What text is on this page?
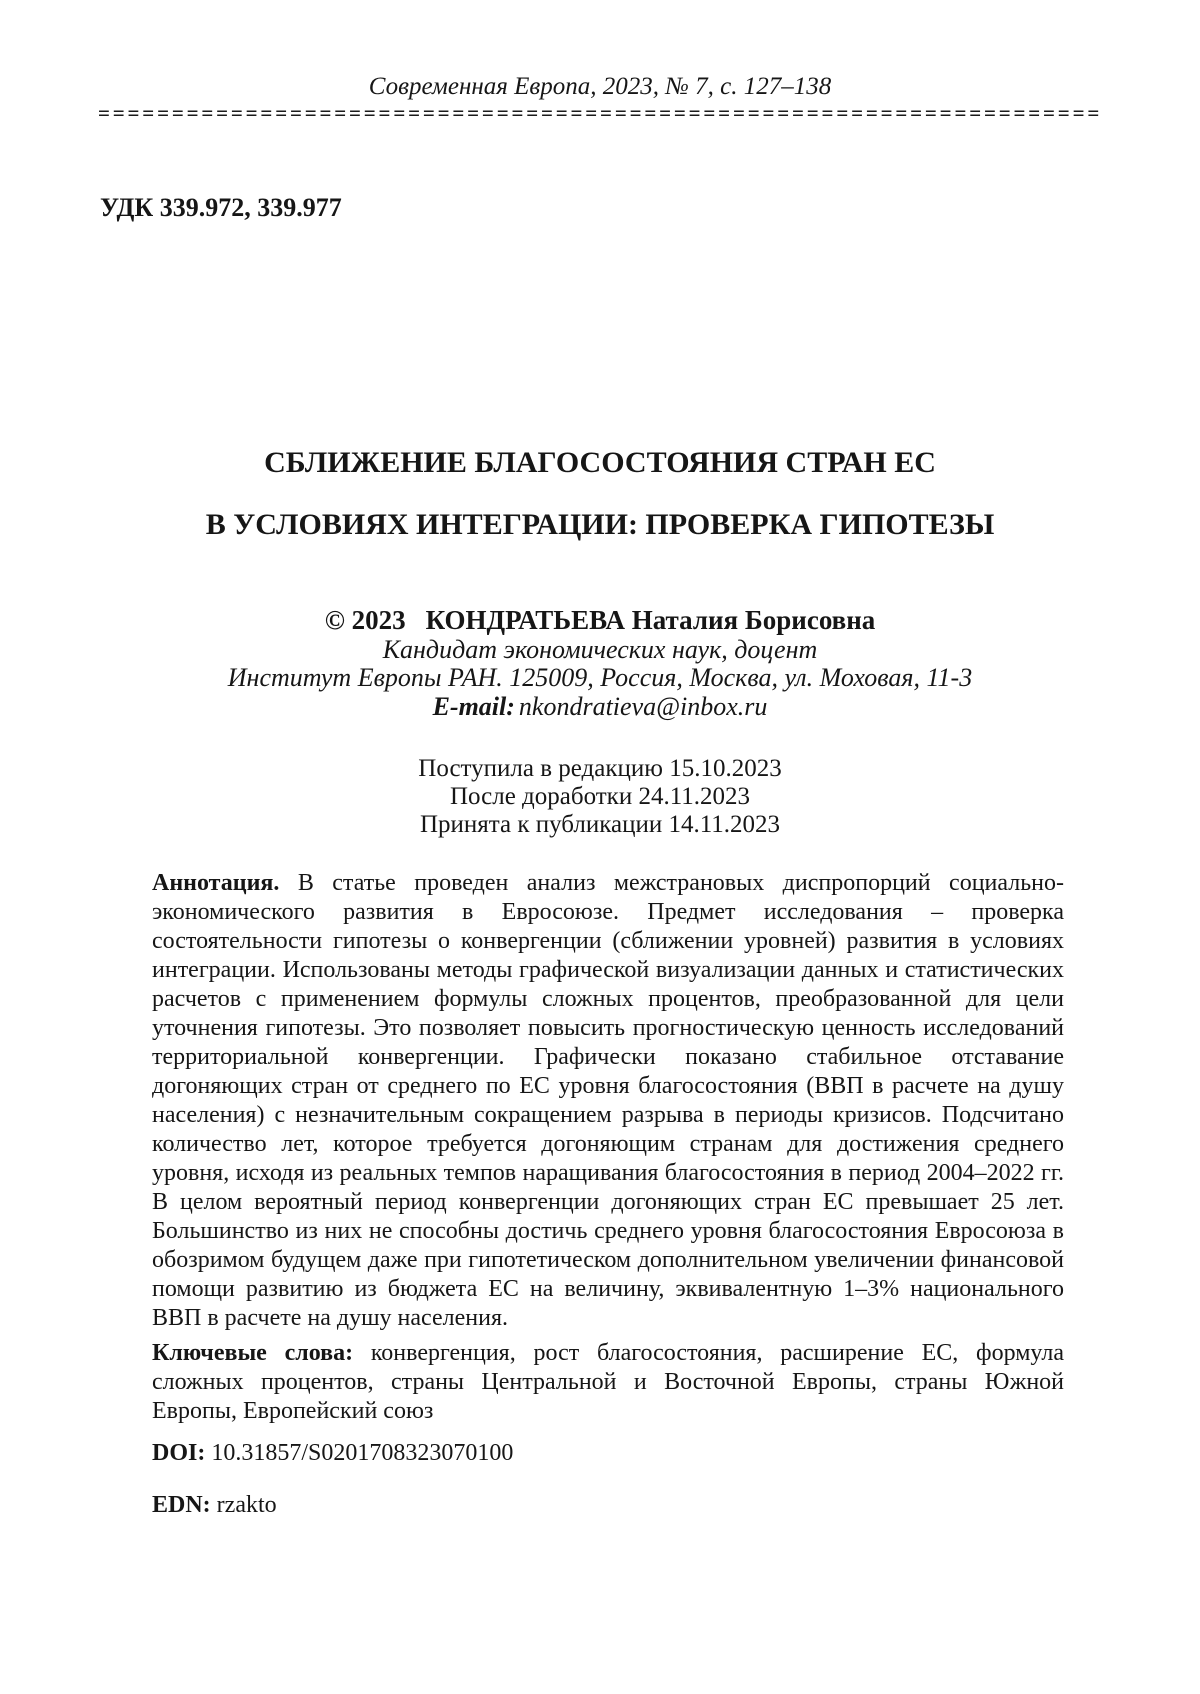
Современная Европа, 2023, № 7, с. 127–138
====================================================================
УДК 339.972, 339.977
СБЛИЖЕНИЕ БЛАГОСОСТОЯНИЯ СТРАН ЕС
В УСЛОВИЯХ ИНТЕГРАЦИИ: ПРОВЕРКА ГИПОТЕЗЫ
© 2023 КОНДРАТЬЕВА Наталия Борисовна
Кандидат экономических наук, доцент
Институт Европы РАН. 125009, Россия, Москва, ул. Моховая, 11-3
E-mail: nkondratieva@inbox.ru
Поступила в редакцию 15.10.2023
После доработки 24.11.2023
Принята к публикации 14.11.2023

Аннотация. В статье проведен анализ межстрановых диспропорций социально-экономического развития в Евросоюзе. Предмет исследования – проверка состоятельности гипотезы о конвергенции (сближении уровней) развития в условиях интеграции. Использованы методы графической визуализации данных и статистических расчетов с применением формулы сложных процентов, преобразованной для цели уточнения гипотезы. Это позволяет повысить прогностическую ценность исследований территориальной конвергенции. Графически показано стабильное отставание догоняющих стран от среднего по ЕС уровня благосостояния (ВВП в расчете на душу населения) с незначительным сокращением разрыва в периоды кризисов. Подсчитано количество лет, которое требуется догоняющим странам для достижения среднего уровня, исходя из реальных темпов наращивания благосостояния в период 2004–2022 гг. В целом вероятный период конвергенции догоняющих стран ЕС превышает 25 лет. Большинство из них не способны достичь среднего уровня благосостояния Евросоюза в обозримом будущем даже при гипотетическом дополнительном увеличении финансовой помощи развитию из бюджета ЕС на величину, эквивалентную 1–3% национального ВВП в расчете на душу населения.

Ключевые слова: конвергенция, рост благосостояния, расширение ЕС, формула сложных процентов, страны Центральной и Восточной Европы, страны Южной Европы, Европейский союз

DOI: 10.31857/S0201708323070100

EDN: rzakto
